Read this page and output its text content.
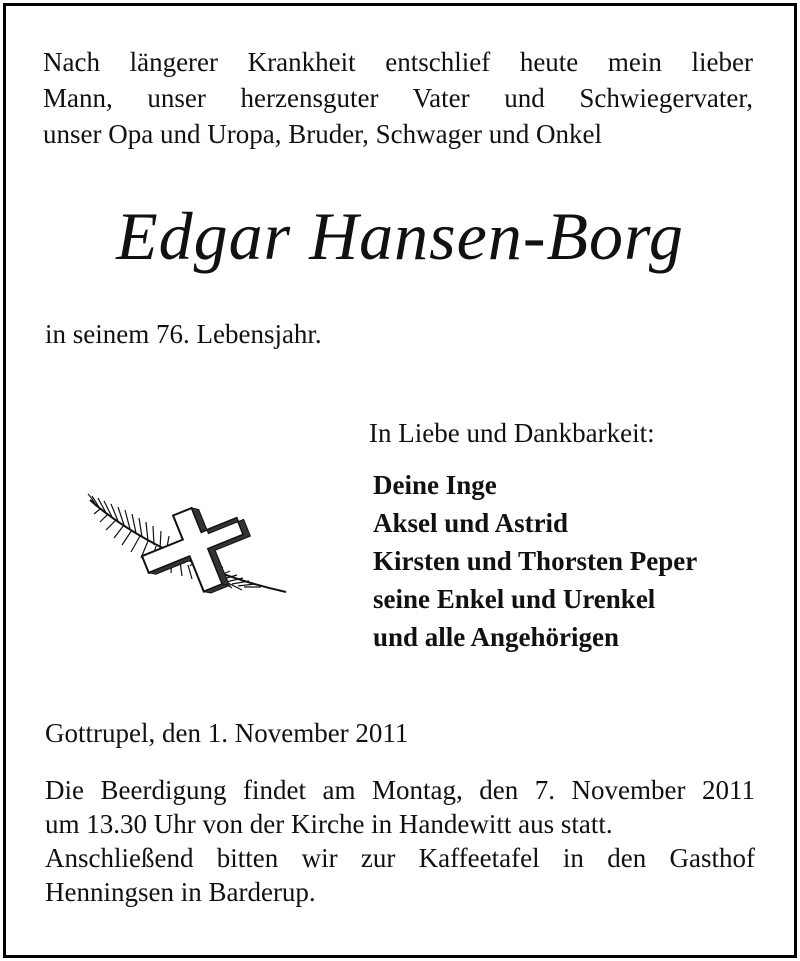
Nach längerer Krankheit entschlief heute mein lieber
Mann, unser herzensguter Vater und Schwiegervater,
unser Opa und Uropa, Bruder, Schwager und Onkel
Edgar Hansen-Borg
in seinem 76. Lebensjahr.
In Liebe und Dankbarkeit:
Deine Inge
Aksel und Astrid
Kirsten und Thorsten Peper
seine Enkel und Urenkel
und alle Angehörigen
Gottrupel, den 1. November 2011
Die Beerdigung findet am Montag, den 7. November 2011
um 13.30 Uhr von der Kirche in Handewitt aus statt.
Anschließend bitten wir zur Kaffeetafel in den Gasthof
Henningsen in Barderup.
